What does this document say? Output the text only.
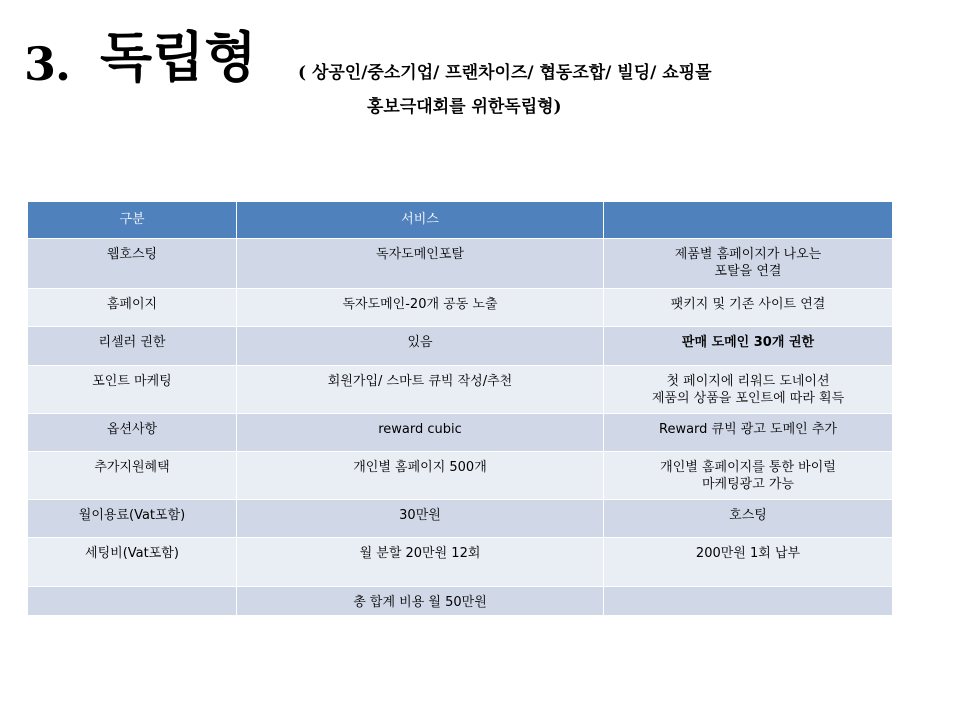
3. 독립형 ( 상공인/중소기업/ 프랜차이즈/ 협동조합/ 빌딩/ 쇼핑몰
홍보극대회를 위한독립형)
구분	서비스	
웹호스팅	독자도메인포탈	제품별 홈페이지가 나오는
포탈을 연결
홈페이지	독자도메인-20개 공동 노출	팻키지 및 기존 사이트 연결
리셀러 권한	있음	판매 도메인 30개 권한
포인트 마케팅	회원가입/ 스마트 큐빅 작성/추천	첫 페이지에 리워드 도네이션
제품의 상품을 포인트에 따라 획득
옵션사항	reward cubic	Reward 큐빅 광고 도메인 추가
추가지원혜택	개인별 홈페이지 500개	개인별 홈페이지를 통한 바이럴
마케팅광고 가능
월이용료(Vat포함)	30만원	호스팅
세팅비(Vat포함)	월 분할 20만원 12회	200만원 1회 납부
	총 합계 비용 월 50만원	
